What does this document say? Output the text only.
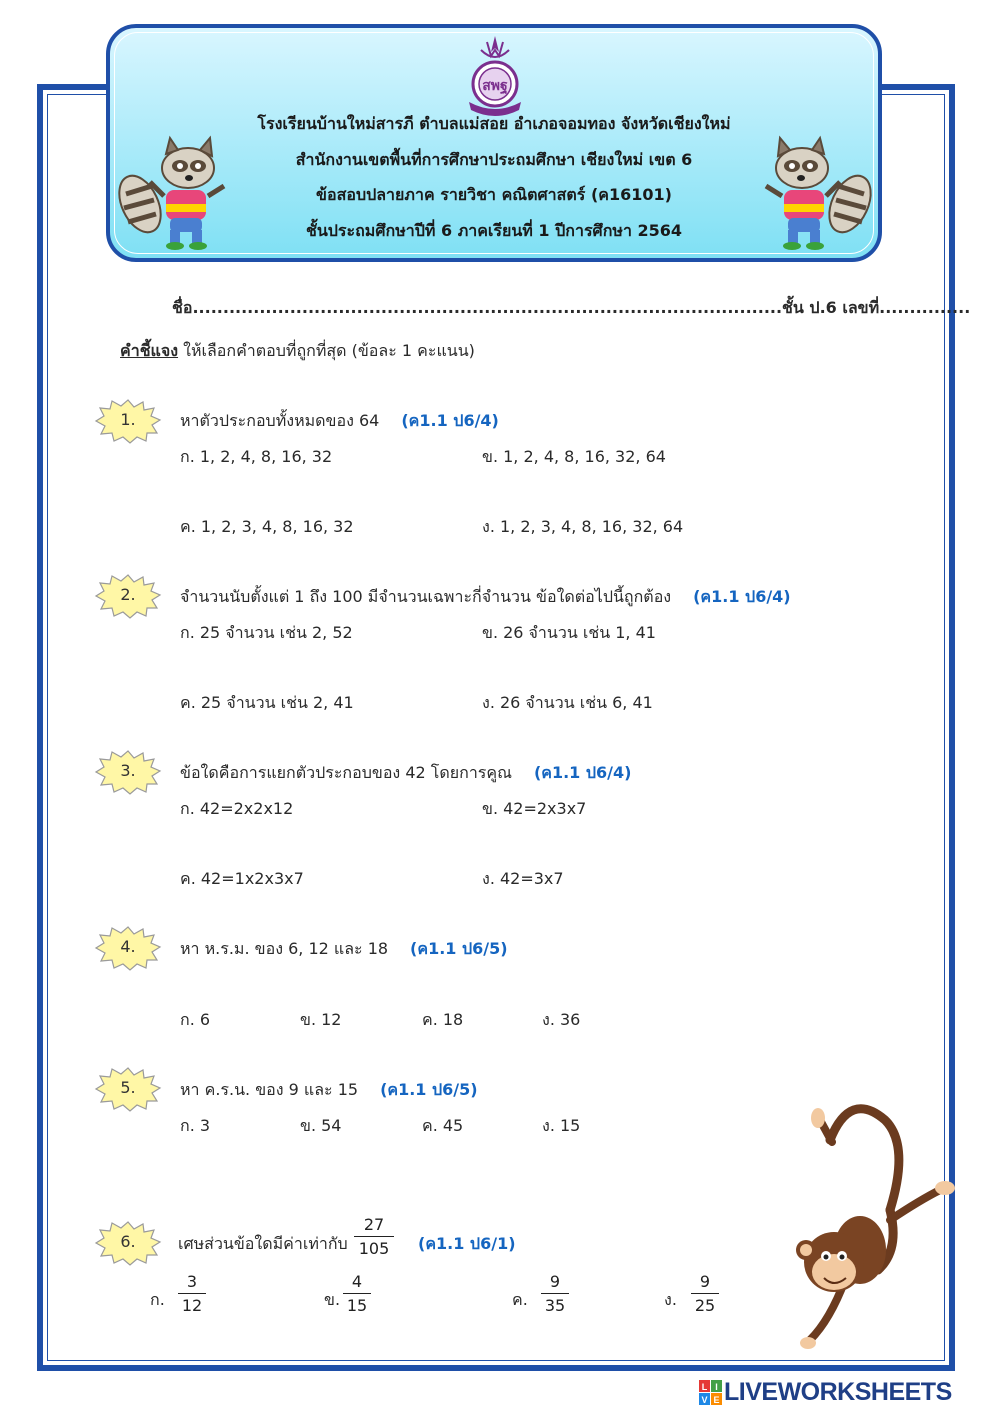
สพฐ
โรงเรียนบ้านใหม่สารภี ตำบลแม่สอย อำเภอจอมทอง จังหวัดเชียงใหม่
สำนักงานเขตพื้นที่การศึกษาประถมศึกษา เชียงใหม่ เขต 6
ข้อสอบปลายภาค รายวิชา คณิตศาสตร์ (ค16101)
ชั้นประถมศึกษาปีที่ 6 ภาคเรียนที่ 1 ปีการศึกษา 2564
ชื่อ.................................................................................................ชั้น ป.6 เลขที่...............
คำชี้แจง ให้เลือกคำตอบที่ถูกที่สุด (ข้อละ 1 คะแนน)
1.	หาตัวประกอบทั้งหมดของ 64 (ค1.1 ป6/4)
ก. 1, 2, 4, 8, 16, 32	ข. 1, 2, 4, 8, 16, 32, 64
ค. 1, 2, 3, 4, 8, 16, 32	ง. 1, 2, 3, 4, 8, 16, 32, 64
2.	จำนวนนับตั้งแต่ 1 ถึง 100 มีจำนวนเฉพาะกี่จำนวน ข้อใดต่อไปนี้ถูกต้อง (ค1.1 ป6/4)
ก. 25 จำนวน เช่น 2, 52	ข. 26 จำนวน เช่น 1, 41
ค. 25 จำนวน เช่น 2, 41	ง. 26 จำนวน เช่น 6, 41
3.	ข้อใดคือการแยกตัวประกอบของ 42 โดยการคูณ (ค1.1 ป6/4)
ก. 42=2x2x12	ข. 42=2x3x7
ค. 42=1x2x3x7	ง. 42=3x7
4.	หา ห.ร.ม. ของ 6, 12 และ 18 (ค1.1 ป6/5)
ก. 6	ข. 12	ค. 18	ง. 36
5.	หา ค.ร.น. ของ 9 และ 15 (ค1.1 ป6/5)
ก. 3	ข. 54	ค. 45	ง. 15
6.	เศษส่วนข้อใดมีค่าเท่ากับ $\frac{27}{105}$ (ค1.1 ป6/1)
ก. $\frac{3}{12}$	ข. $\frac{4}{15}$	ค. $\frac{9}{35}$	ง. $\frac{9}{25}$
L I
V E LIVEWORKSHEETS
